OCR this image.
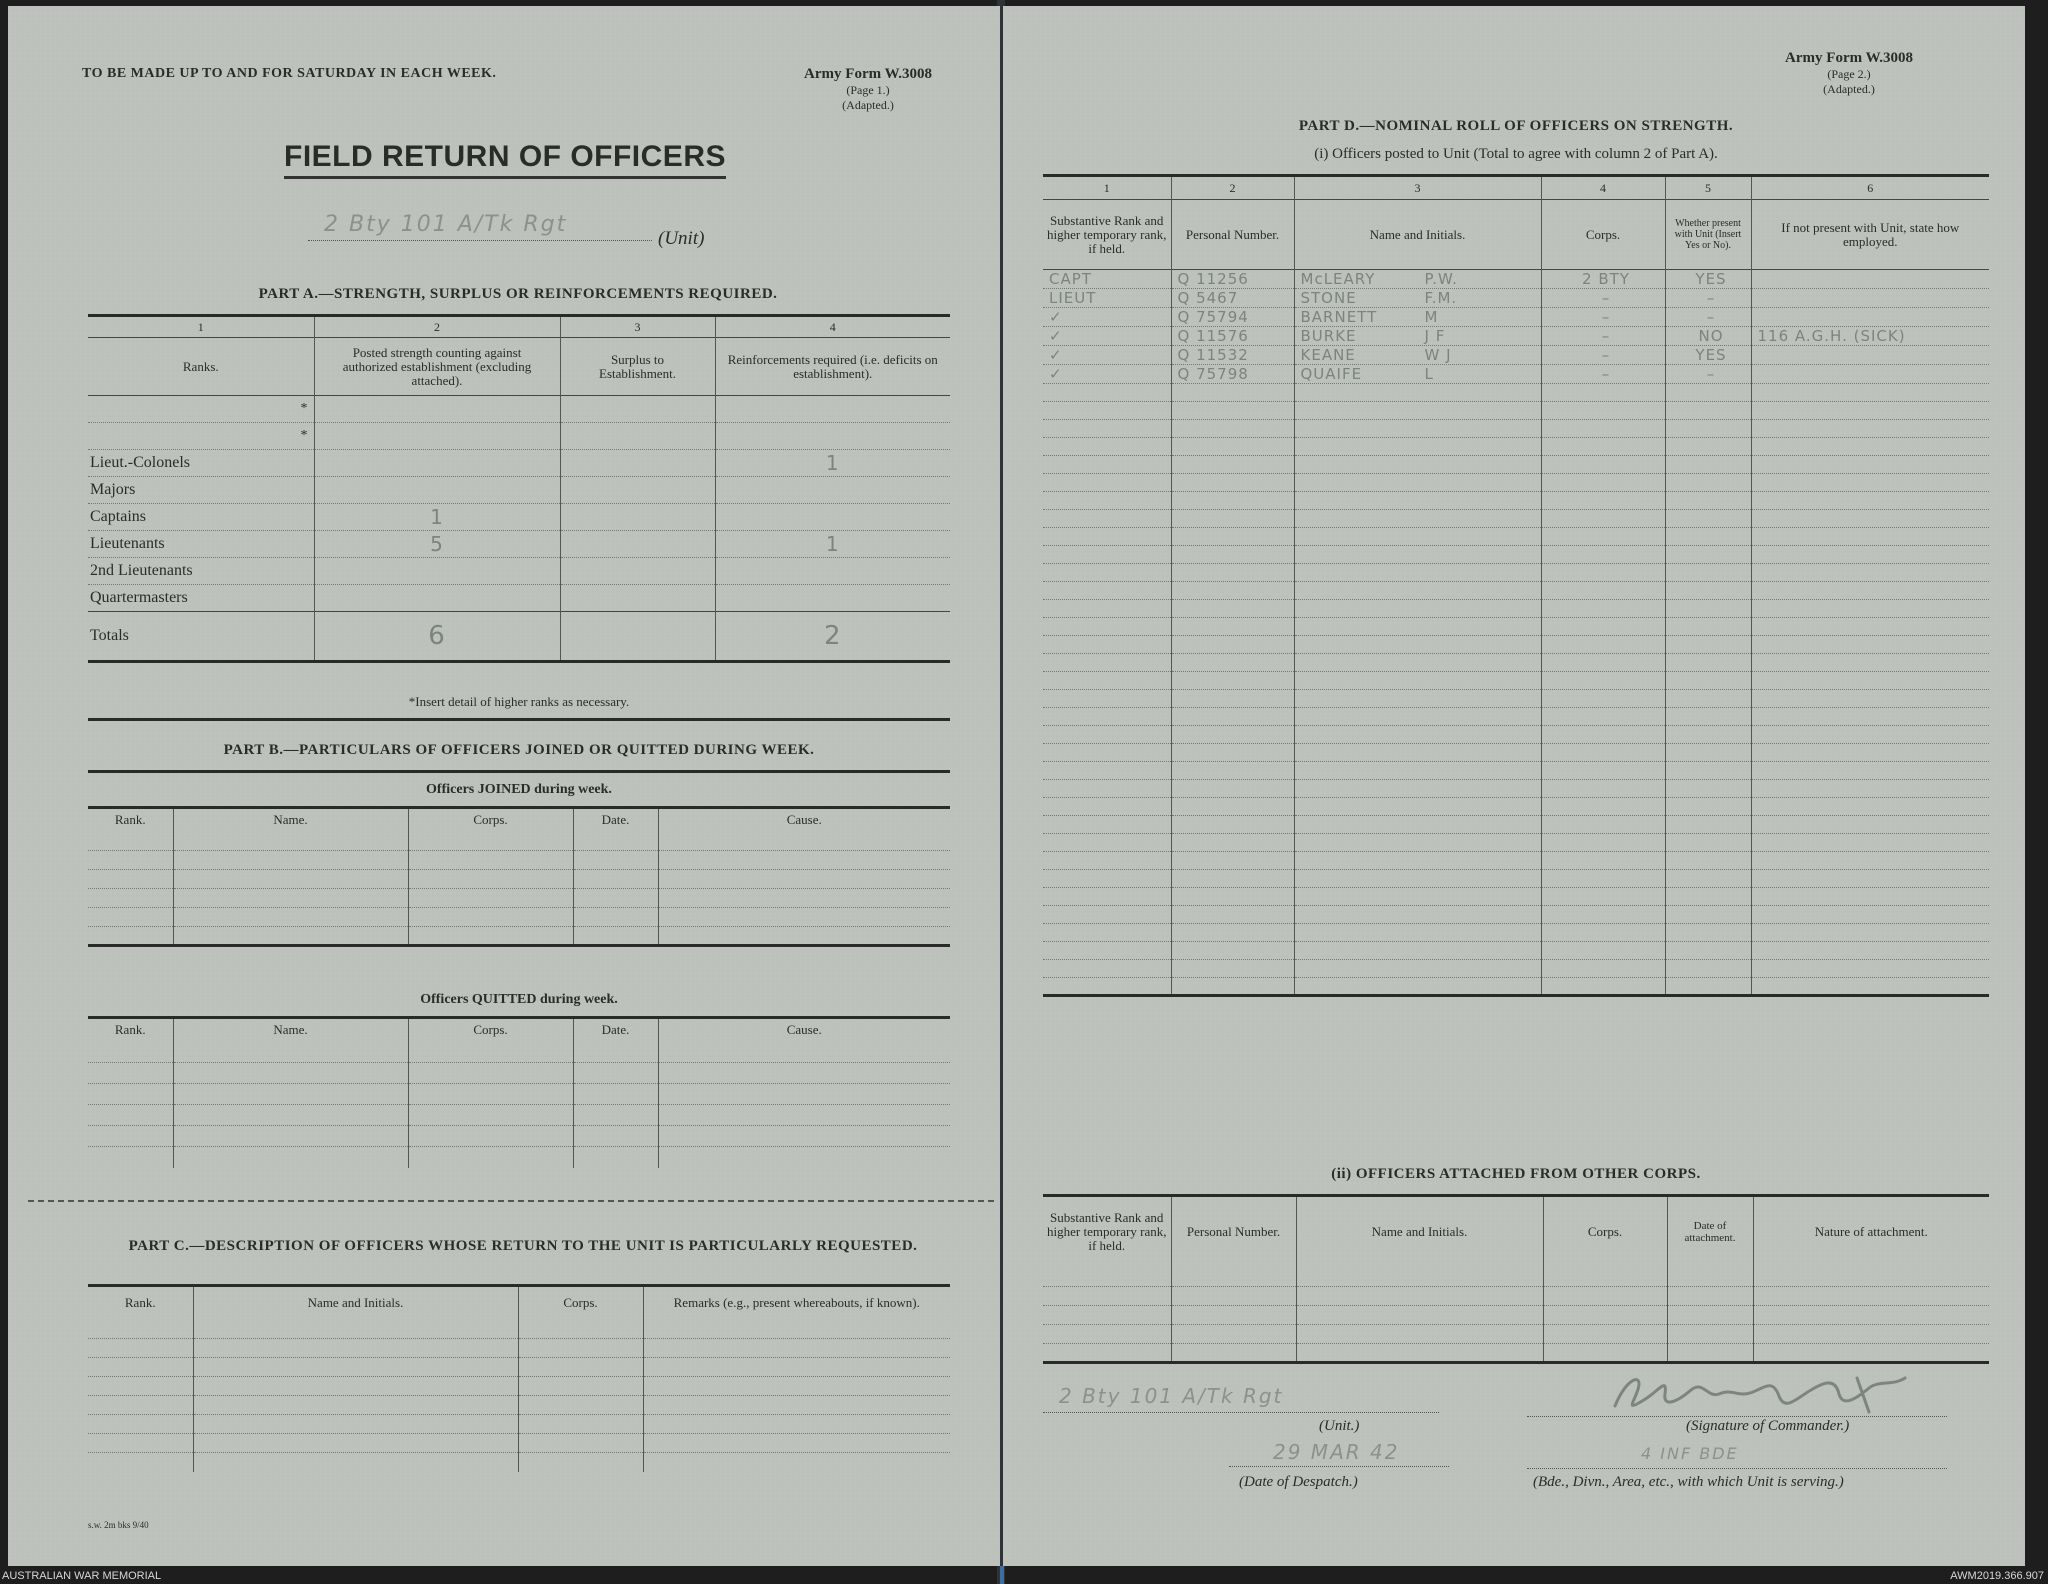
TO BE MADE UP TO AND FOR SATURDAY IN EACH WEEK.	Army Form W.3008
(Page 1.)
(Adapted.)
FIELD RETURN OF OFFICERS
2 Bty 101 A/Tk Rgt
(Unit)
PART A.—STRENGTH, SURPLUS OR REINFORCEMENTS REQUIRED.
1	2	3	4
Ranks.	Posted strength counting against authorized establishment (excluding attached).	Surplus to Establishment.	Reinforcements required (i.e. deficits on establishment).
*			
*			
Lieut.-Colonels			1
Majors			
Captains	1		
Lieutenants	5		1
2nd Lieutenants			
Quartermasters			
Totals	6		2
*Insert detail of higher ranks as necessary.
PART B.—PARTICULARS OF OFFICERS JOINED OR QUITTED DURING WEEK.
Officers JOINED during week.
Rank.	Name.	Corps.	Date.	Cause.

Officers QUITTED during week.
Rank.	Name.	Corps.	Date.	Cause.

PART C.—DESCRIPTION OF OFFICERS WHOSE RETURN TO THE UNIT IS PARTICULARLY REQUESTED.
Rank.	Name and Initials.	Corps.	Remarks (e.g., present whereabouts, if known).

s.w. 2m bks 9/40
Army Form W.3008
(Page 2.)
(Adapted.)
PART D.—NOMINAL ROLL OF OFFICERS ON STRENGTH.
(i) Officers posted to Unit (Total to agree with column 2 of Part A).
1	2	3	4	5	6
Substantive Rank and higher temporary rank, if held.	Personal Number.	Name and Initials.	Corps.	Whether present with Unit (Insert Yes or No).	If not present with Unit, state how employed.
CAPT	Q 11256	McLEARY P.W.	2 BTY	YES	
LIEUT	Q 5467	STONE F.M.	–	–	
✓	Q 75794	BARNETT M	–	–	
✓	Q 11576	BURKE J F	–	NO	116 A.G.H. (SICK)
✓	Q 11532	KEANE W J	–	YES	
✓	Q 75798	QUAIFE L	–	–	

(ii) OFFICERS ATTACHED FROM OTHER CORPS.
Substantive Rank and higher temporary rank, if held.	Personal Number.	Name and Initials.	Corps.	Date of attachment.	Nature of attachment.

2 Bty 101 A/Tk Rgt
(Unit.)
29 MAR 42
(Date of Despatch.)
(Signature of Commander.)
4 INF BDE
(Bde., Divn., Area, etc., with which Unit is serving.)
AUSTRALIAN WAR MEMORIAL	AWM2019.366.907
